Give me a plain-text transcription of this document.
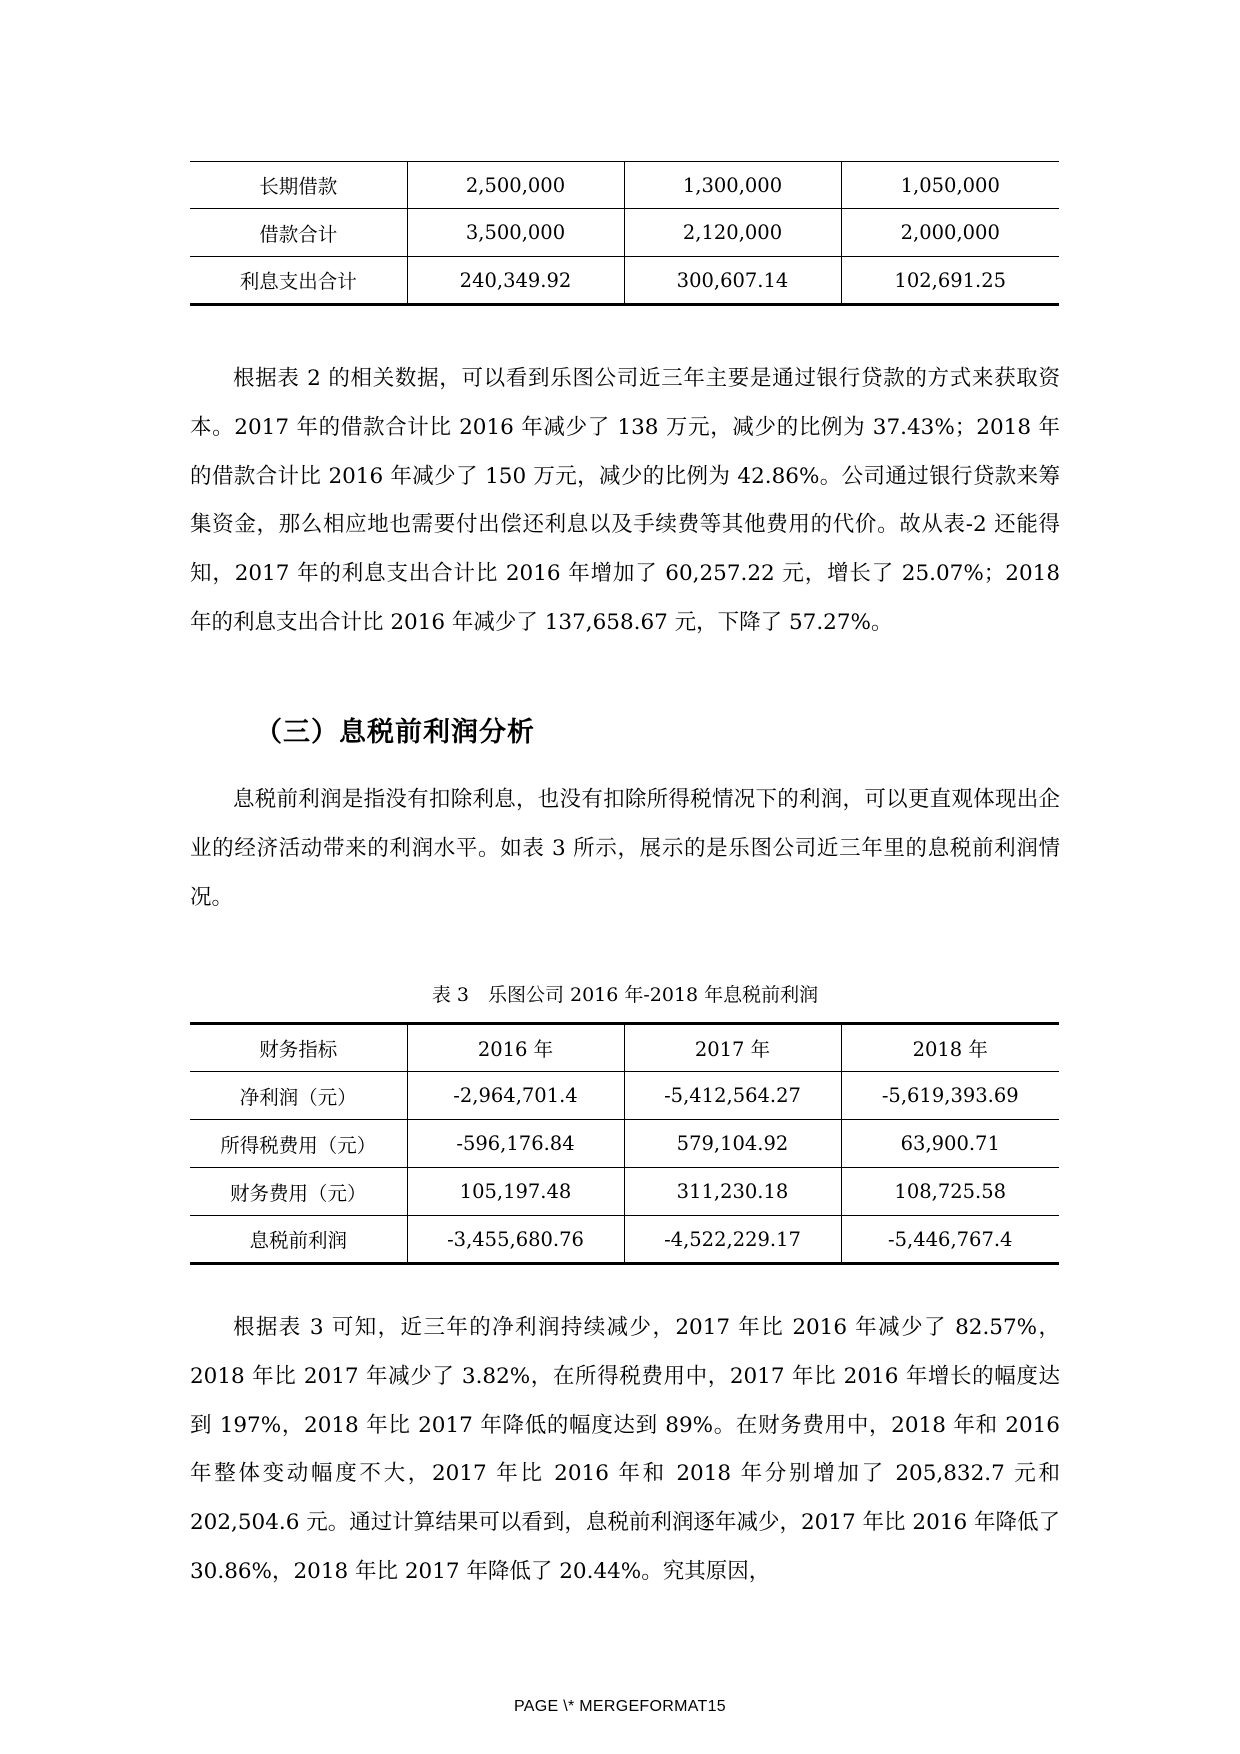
长期借款	2,500,000	1,300,000	1,050,000
借款合计	3,500,000	2,120,000	2,000,000
利息支出合计	240,349.92	300,607.14	102,691.25

根据表 2 的相关数据，可以看到乐图公司近三年主要是通过银行贷款的方式来获取资本。2017 年的借款合计比 2016 年减少了 138 万元，减少的比例为 37.43%；2018 年的借款合计比 2016 年减少了 150 万元，减少的比例为 42.86%。公司通过银行贷款来筹集资金，那么相应地也需要付出偿还利息以及手续费等其他费用的代价。故从表-2 还能得知，2017 年的利息支出合计比 2016 年增加了 60,257.22 元，增长了 25.07%；2018 年的利息支出合计比 2016 年减少了 137,658.67 元，下降了 57.27%。

（三）息税前利润分析

息税前利润是指没有扣除利息，也没有扣除所得税情况下的利润，可以更直观体现出企业的经济活动带来的利润水平。如表 3 所示，展示的是乐图公司近三年里的息税前利润情况。

表 3　乐图公司 2016 年-2018 年息税前利润

财务指标	2016 年	2017 年	2018 年
净利润（元）	-2,964,701.4	-5,412,564.27	-5,619,393.69
所得税费用（元）	-596,176.84	579,104.92	63,900.71
财务费用（元）	105,197.48	311,230.18	108,725.58
息税前利润	-3,455,680.76	-4,522,229.17	-5,446,767.4

根据表 3 可知，近三年的净利润持续减少，2017 年比 2016 年减少了 82.57%，2018 年比 2017 年减少了 3.82%，在所得税费用中，2017 年比 2016 年增长的幅度达到 197%，2018 年比 2017 年降低的幅度达到 89%。在财务费用中，2018 年和 2016 年整体变动幅度不大，2017 年比 2016 年和 2018 年分别增加了 205,832.7 元和 202,504.6 元。通过计算结果可以看到，息税前利润逐年减少，2017 年比 2016 年降低了 30.86%，2018 年比 2017 年降低了 20.44%。究其原因，

PAGE \* MERGEFORMAT15
